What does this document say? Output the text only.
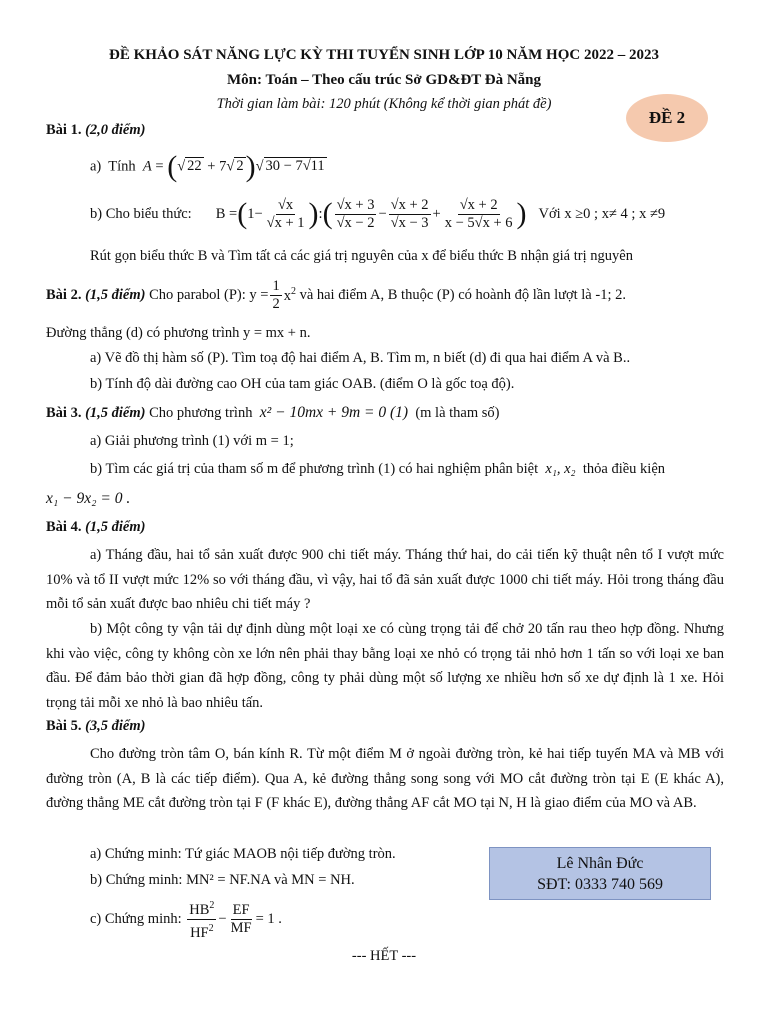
ĐỀ KHẢO SÁT NĂNG LỰC KỲ THI TUYỂN SINH LỚP 10 NĂM HỌC 2022 – 2023
Môn: Toán – Theo cấu trúc Sở GD&ĐT Đà Nẵng
Thời gian làm bài: 120 phút (Không kể thời gian phát đề)
ĐỀ 2
Bài 1. (2,0 điểm)
a) Tính A = (√ 22 + 7√ 2)√ 30 − 7√11
b)
Cho biểu thức: B = ( $1- \frac{√x}{√x + 1}$ ) : ( $\frac{√x + 3}{√x - 2} - \frac{√x + 2}{√x - 3} + \frac{√x + 2}{x - 5√x + 6}$ ) Với x ≥0 ; x≠ 4 ; x ≠9
Rút gọn biểu thức B và Tìm tất cả các giá trị nguyên của x để biểu thức B nhận giá trị nguyên
Bài 2.
(1,5 điểm)
Cho parabol (P): $y = \frac{1}{2} x^2$ và hai điểm A, B thuộc (P) có hoành độ lần lượt là -1; 2.
Đường thẳng (d) có phương trình y = mx + n.
a) Vẽ đồ thị hàm số (P). Tìm toạ độ hai điểm A, B. Tìm m, n biết (d) đi qua hai điểm A và B..
b) Tính độ dài đường cao OH của tam giác OAB. (điểm O là gốc toạ độ).
Bài 3. (1,5 điểm) Cho phương trình x² − 10mx + 9m = 0 (1) (m là tham số)
a) Giải phương trình (1) với m = 1;
b) Tìm các giá trị của tham số m để phương trình (1) có hai nghiệm phân biệt x₁, x₂ thỏa điều kiện
x₁ − 9x₂ = 0 .
Bài 4. (1,5 điểm)
a) Tháng đầu, hai tổ sản xuất được 900 chi tiết máy. Tháng thứ hai, do cải tiến kỹ thuật nên tổ I vượt mức 10% và tổ II vượt mức 12% so với tháng đầu, vì vậy, hai tổ đã sản xuất được 1000 chi tiết máy. Hỏi trong tháng đầu mỗi tổ sản xuất được bao nhiêu chi tiết máy ?
b) Một công ty vận tải dự định dùng một loại xe có cùng trọng tải để chở 20 tấn rau theo hợp đồng. Nhưng khi vào việc, công ty không còn xe lớn nên phải thay bằng loại xe nhỏ có trọng tải nhỏ hơn 1 tấn so với loại xe ban đầu. Để đảm bảo thời gian đã hợp đồng, công ty phải dùng một số lượng xe nhiều hơn số xe dự định là 1 xe. Hỏi trọng tải mỗi xe nhỏ là bao nhiêu tấn.
Bài 5. (3,5 điểm)
Cho đường tròn tâm O, bán kính R. Từ một điểm M ở ngoài đường tròn, kẻ hai tiếp tuyến MA và MB với đường tròn (A, B là các tiếp điểm). Qua A, kẻ đường thẳng song song với MO cắt đường tròn tại E (E khác A), đường thẳng ME cắt đường tròn tại F (F khác E), đường thẳng AF cắt MO tại N, H là giao điểm của MO và AB.
a) Chứng minh: Tứ giác MAOB nội tiếp đường tròn.
b) Chứng minh: MN² = NF.NA và MN = NH.
c) Chứng minh:
$\frac{HB^2}{HF^2} - \frac{EF}{MF} = 1$ .
Lê Nhân Đức
SĐT: 0333 740 569
--- HẾT ---
